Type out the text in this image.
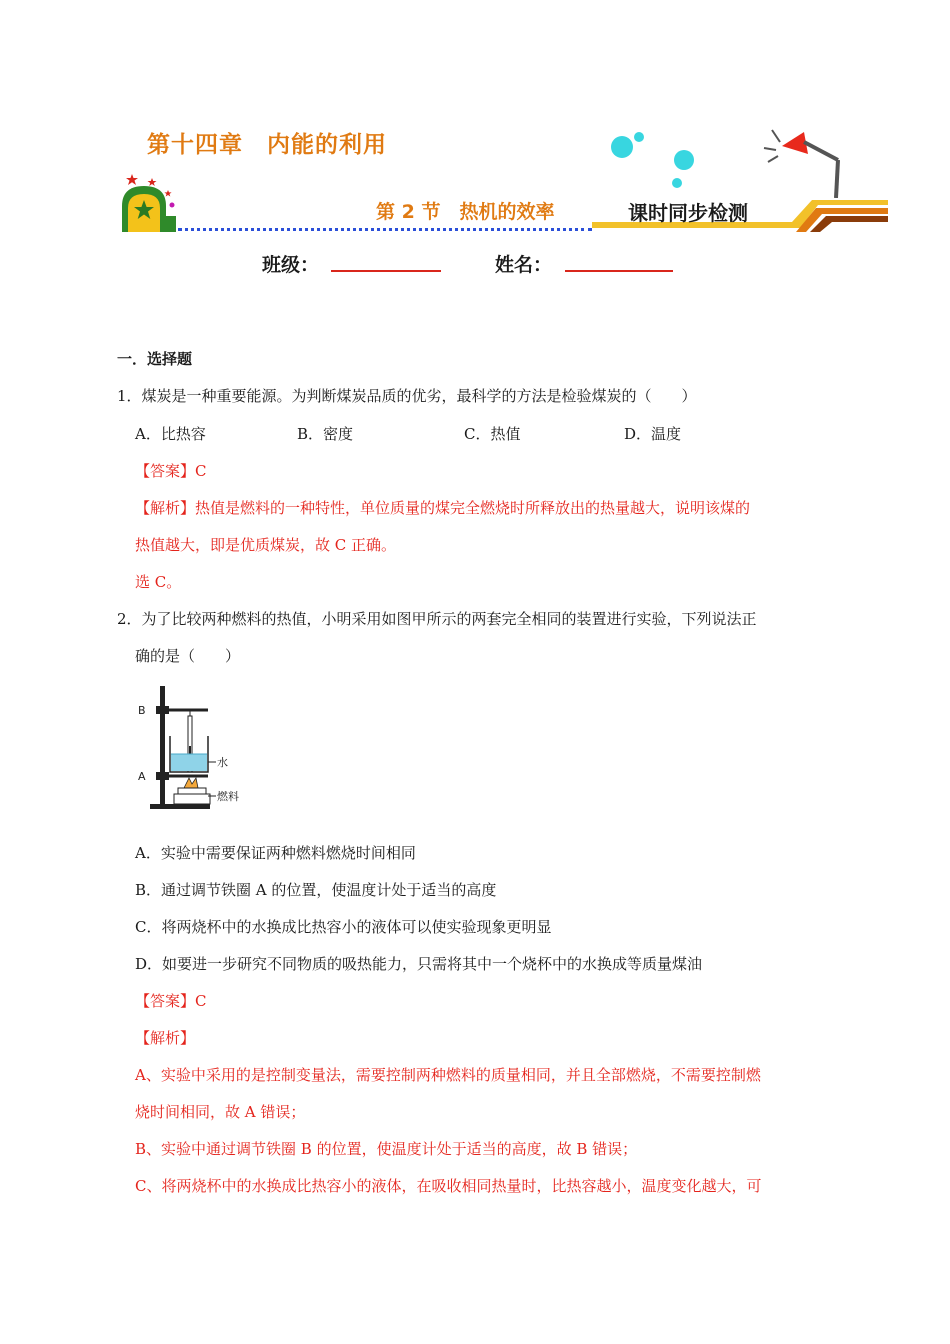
第十四章　内能的利用
第 2 节　热机的效率	课时同步检测
班级：	姓名：
一．选择题
1．煤炭是一种重要能源。为判断煤炭品质的优劣，最科学的方法是检验煤炭的（　　）
A．比热容	B．密度	C．热值	D．温度
【答案】C
【解析】热值是燃料的一种特性，单位质量的煤完全燃烧时所释放出的热量越大，说明该煤的
热值越大，即是优质煤炭，故 C 正确。
选 C。
2．为了比较两种燃料的热值，小明采用如图甲所示的两套完全相同的装置进行实验，下列说法正
确的是（　　）
B
A
水
燃料
A．实验中需要保证两种燃料燃烧时间相同
B．通过调节铁圈 A 的位置，使温度计处于适当的高度
C．将两烧杯中的水换成比热容小的液体可以使实验现象更明显
D．如要进一步研究不同物质的吸热能力，只需将其中一个烧杯中的水换成等质量煤油
【答案】C
【解析】
A、实验中采用的是控制变量法，需要控制两种燃料的质量相同，并且全部燃烧，不需要控制燃
烧时间相同，故 A 错误；
B、实验中通过调节铁圈 B 的位置，使温度计处于适当的高度，故 B 错误；
C、将两烧杯中的水换成比热容小的液体，在吸收相同热量时，比热容越小，温度变化越大，可
